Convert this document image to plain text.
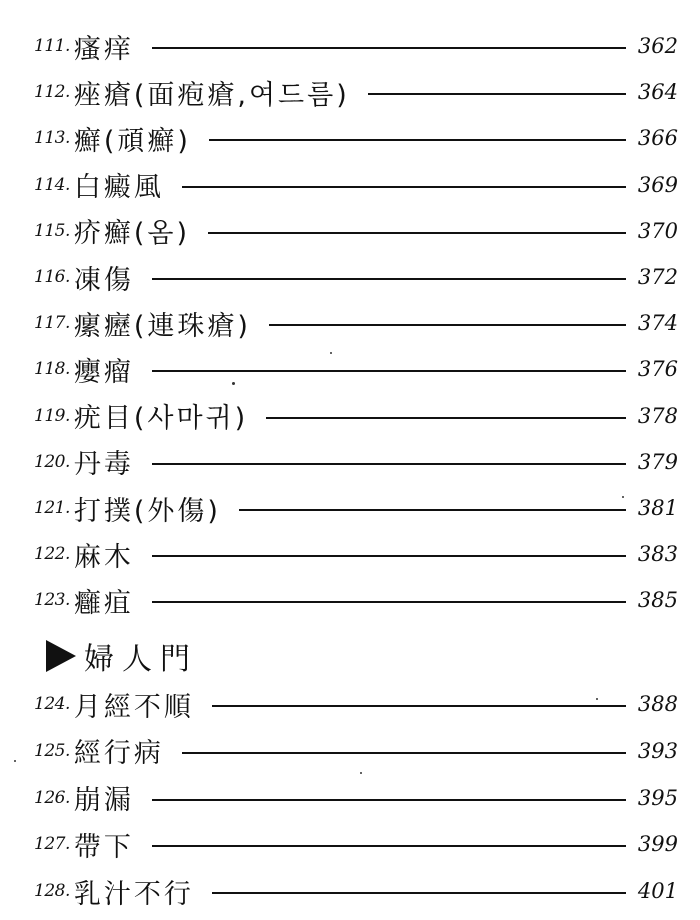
111. 瘙痒	362
112. 痤瘡(面疱瘡,여드름)	364
113. 癬(頑癬)	366
114. 白癜風	369
115. 疥癬(옴)	370
116. 凍傷	372
117. 瘰癧(連珠瘡)	374
118. 癭瘤	376
119. 疣目(사마귀)	378
120. 丹毒	379
121. 打撲(外傷)	381
122. 麻木	383
123. 癰疽	385
婦人門
124. 月經不順	388
125. 經行病	393
126. 崩漏	395
127. 帶下	399
128. 乳汁不行	401
